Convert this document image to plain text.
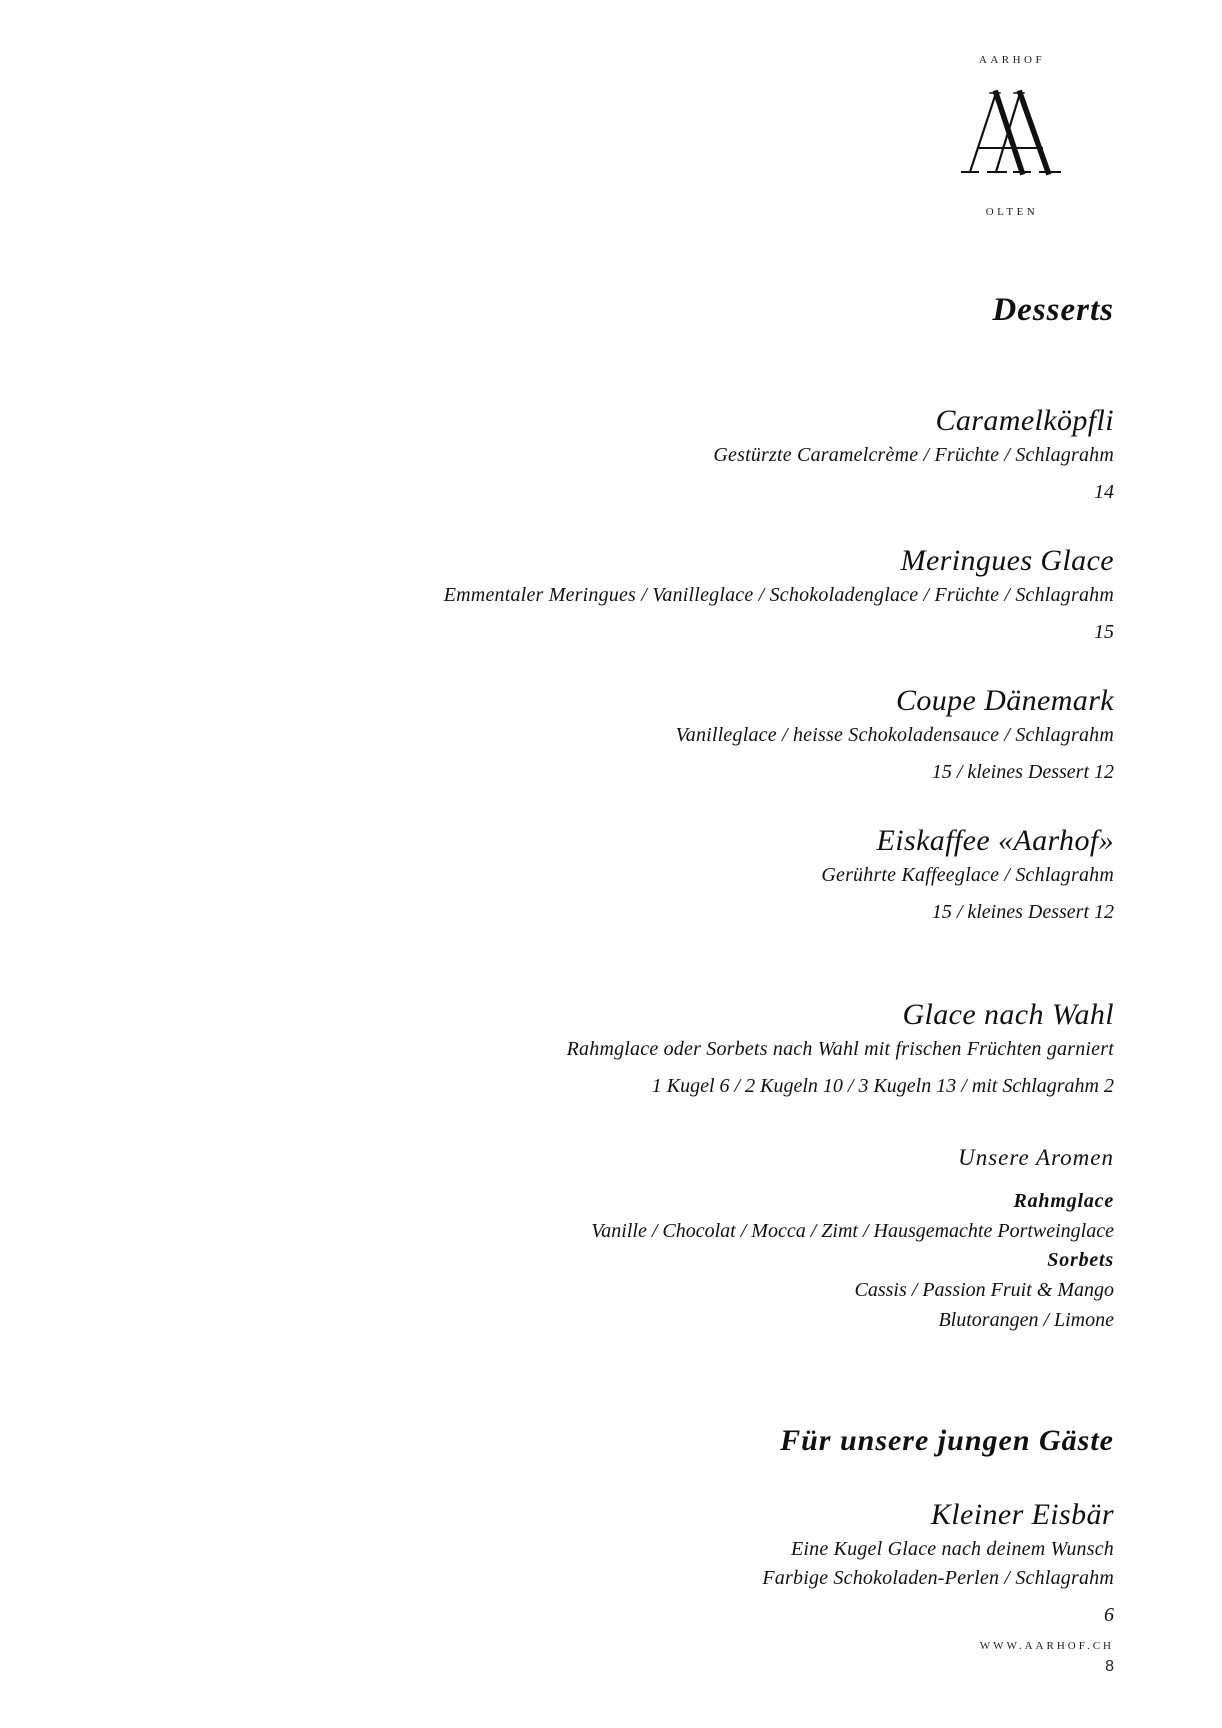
AARHOF
OLTEN
Desserts
Caramelköpfli
Gestürzte Caramelcrème / Früchte / Schlagrahm
14
Meringues Glace
Emmentaler Meringues / Vanilleglace / Schokoladenglace / Früchte / Schlagrahm
15
Coupe Dänemark
Vanilleglace / heisse Schokoladensauce / Schlagrahm
15 / kleines Dessert 12
Eiskaffee «Aarhof»
Gerührte Kaffeeglace / Schlagrahm
15 / kleines Dessert 12
Glace nach Wahl
Rahmglace oder Sorbets nach Wahl mit frischen Früchten garniert
1 Kugel 6 / 2 Kugeln 10 / 3 Kugeln 13 / mit Schlagrahm 2
Unsere Aromen
Rahmglace
Vanille / Chocolat / Mocca / Zimt / Hausgemachte Portweinglace
Sorbets
Cassis / Passion Fruit & Mango
Blutorangen / Limone
Für unsere jungen Gäste
Kleiner Eisbär
Eine Kugel Glace nach deinem Wunsch
Farbige Schokoladen-Perlen / Schlagrahm
6
WWW.AARHOF.CH
8
